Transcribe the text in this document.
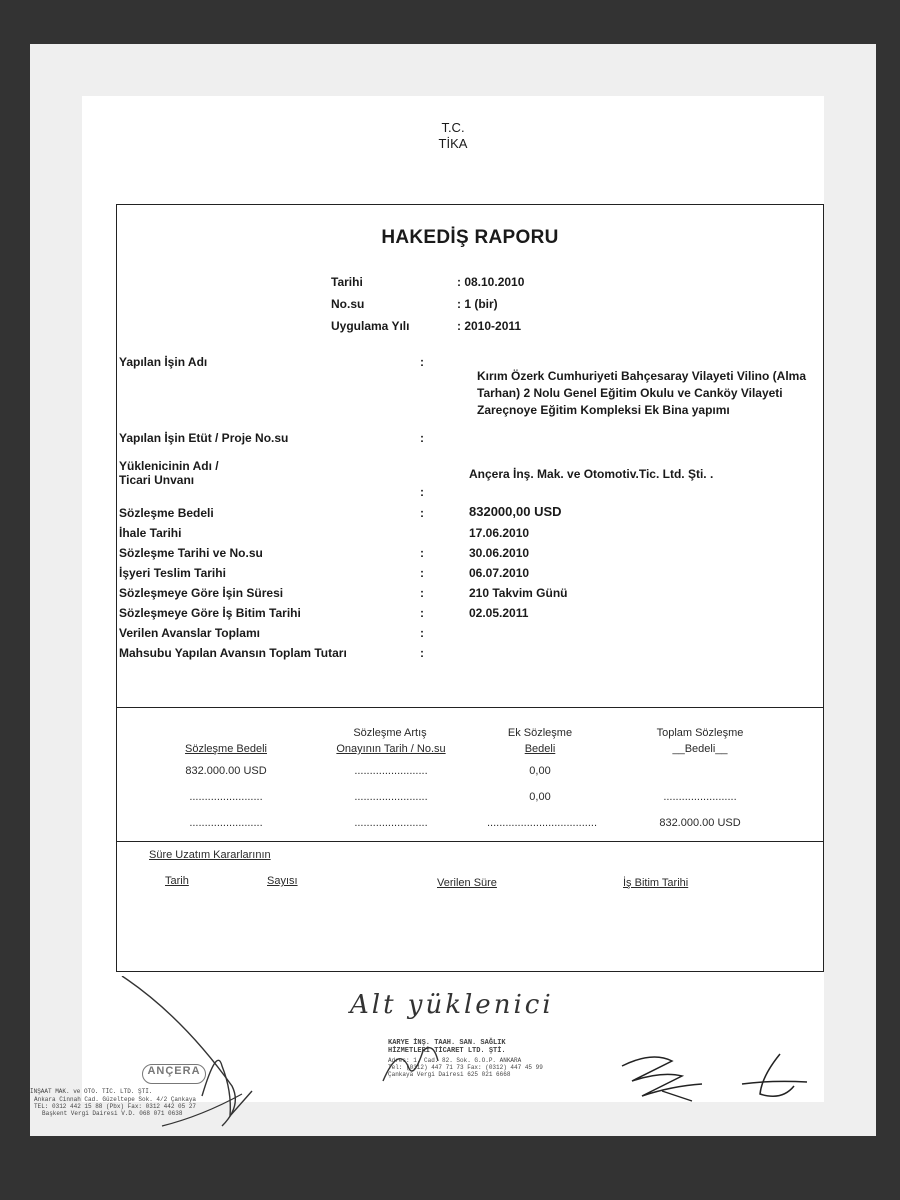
T.C.
TİKA
HAKEDİŞ RAPORU
Tarihi	: 08.10.2010
No.su	: 1 (bir)
Uygulama Yılı	: 2010-2011
Yapılan İşin Adı	:
Kırım Özerk Cumhuriyeti Bahçesaray Vilayeti Vilino (Alma Tarhan) 2 Nolu Genel Eğitim Okulu ve Canköy Vilayeti Zareçnoye Eğitim Kompleksi Ek Bina yapımı
Yapılan İşin Etüt / Proje No.su	:
Yüklenicinin Adı /
Ticari Unvanı
:
Ançera İnş. Mak. ve Otomotiv.Tic. Ltd. Şti. .
Sözleşme Bedeli	:	832000,00 USD
İhale Tarihi	17.06.2010
Sözleşme Tarihi ve No.su	:	30.06.2010
İşyeri Teslim Tarihi	:	06.07.2010
Sözleşmeye Göre İşin Süresi	:	210 Takvim Günü
Sözleşmeye Göre İş Bitim Tarihi	:	02.05.2011
Verilen Avanslar Toplamı	:
Mahsubu Yapılan Avansın Toplam Tutarı	:
Sözleşme Artış	Ek Sözleşme	Toplam Sözleşme
Sözleşme Bedeli	Onayının Tarih / No.su	Bedeli	__Bedeli__
832.000.00 USD	........................	0,00
........................	........................	0,00	........................
........................	........................	....................................	832.000.00 USD
Süre Uzatım Kararlarının
Tarih	Sayısı	Verilen Süre	İş Bitim Tarihi
ANÇERA
İNŞAAT MAK. ve OTO. TİC. LTD. ŞTİ.
Ankara Cinnah Cad. Güzeltepe Sok. 4/2 Çankaya
TEL: 0312 442 15 88 (Pbx) Fax: 0312 442 05 27
Başkent Vergi Dairesi V.D. 068 071 0638
Alt yüklenici
KARYE İNŞ. TAAH. SAN. SAĞLIK
HİZMETLERİ TİCARET LTD. ŞTİ.
Adres: 1. Cad. 82. Sok. G.O.P. ANKARA
Tel: (0312) 447 71 73 Fax: (0312) 447 45 99
Çankaya Vergi Dairesi 625 021 6668
